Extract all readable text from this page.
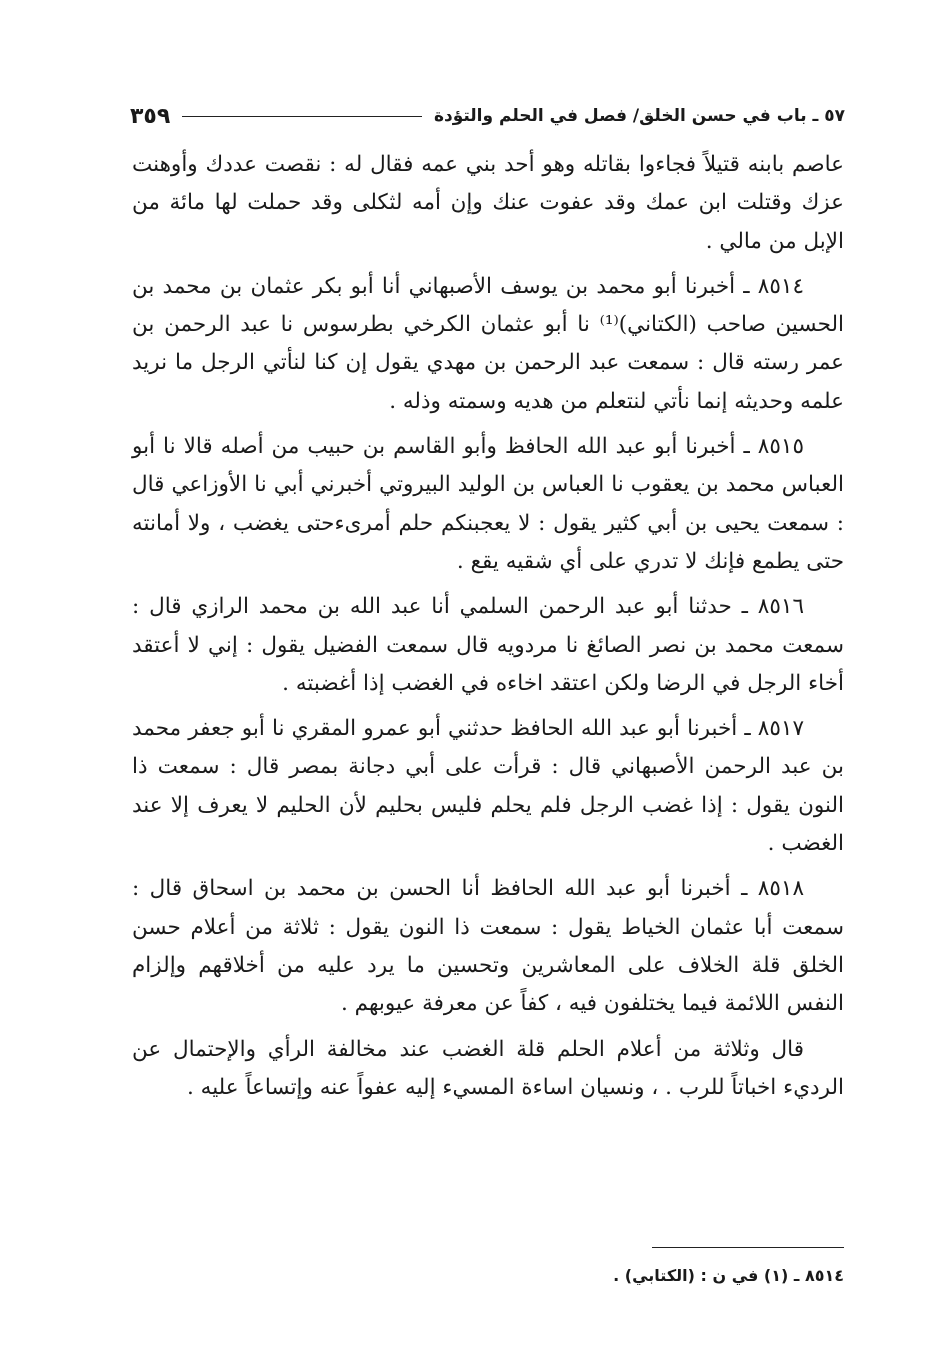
٥٧ ـ باب في حسن الخلق/ فصل في الحلم والتؤدة
٣٥٩

عاصم بابنه قتيلاً فجاءوا بقاتله وهو أحد بني عمه فقال له : نقصت عددك وأوهنت عزك وقتلت ابن عمك وقد عفوت عنك وإن أمه لثكلى وقد حملت لها مائة من الإبل من مالي .

٨٥١٤ ـ أخبرنا أبو محمد بن يوسف الأصبهاني أنا أبو بكر عثمان بن محمد بن الحسين صاحب (الكتاني)⁽¹⁾ نا أبو عثمان الكرخي بطرسوس نا عبد الرحمن بن عمر رسته قال : سمعت عبد الرحمن بن مهدي يقول إن كنا لنأتي الرجل ما نريد علمه وحديثه إنما نأتي لنتعلم من هديه وسمته وذله .

٨٥١٥ ـ أخبرنا أبو عبد الله الحافظ وأبو القاسم بن حبيب من أصله قالا نا أبو العباس محمد بن يعقوب نا العباس بن الوليد البيروتي أخبرني أبي نا الأوزاعي قال : سمعت يحيى بن أبي كثير يقول : لا يعجبنكم حلم أمرىءحتى يغضب ، ولا أمانته حتى يطمع فإنك لا تدري على أي شقيه يقع .

٨٥١٦ ـ حدثنا أبو عبد الرحمن السلمي أنا عبد الله بن محمد الرازي قال : سمعت محمد بن نصر الصائغ نا مردويه قال سمعت الفضيل يقول : إني لا أعتقد أخاء الرجل في الرضا ولكن اعتقد اخاءه في الغضب إذا أغضبته .

٨٥١٧ ـ أخبرنا أبو عبد الله الحافظ حدثني أبو عمرو المقري نا أبو جعفر محمد بن عبد الرحمن الأصبهاني قال : قرأت على أبي دجانة بمصر قال : سمعت ذا النون يقول : إذا غضب الرجل فلم يحلم فليس بحليم لأن الحليم لا يعرف إلا عند الغضب .

٨٥١٨ ـ أخبرنا أبو عبد الله الحافظ أنا الحسن بن محمد بن اسحاق قال : سمعت أبا عثمان الخياط يقول : سمعت ذا النون يقول : ثلاثة من أعلام حسن الخلق قلة الخلاف على المعاشرين وتحسين ما يرد عليه من أخلاقهم وإلزام النفس اللائمة فيما يختلفون فيه ، كفاً عن معرفة عيوبهم .

قال وثلاثة من أعلام الحلم قلة الغضب عند مخالفة الرأي والإحتمال عن الرديء اخباتاً للرب . ، ونسيان اساءة المسيء إليه عفواً عنه وإتساعاً عليه .

٨٥١٤ ـ (١) في ن : (الكتابي) .
